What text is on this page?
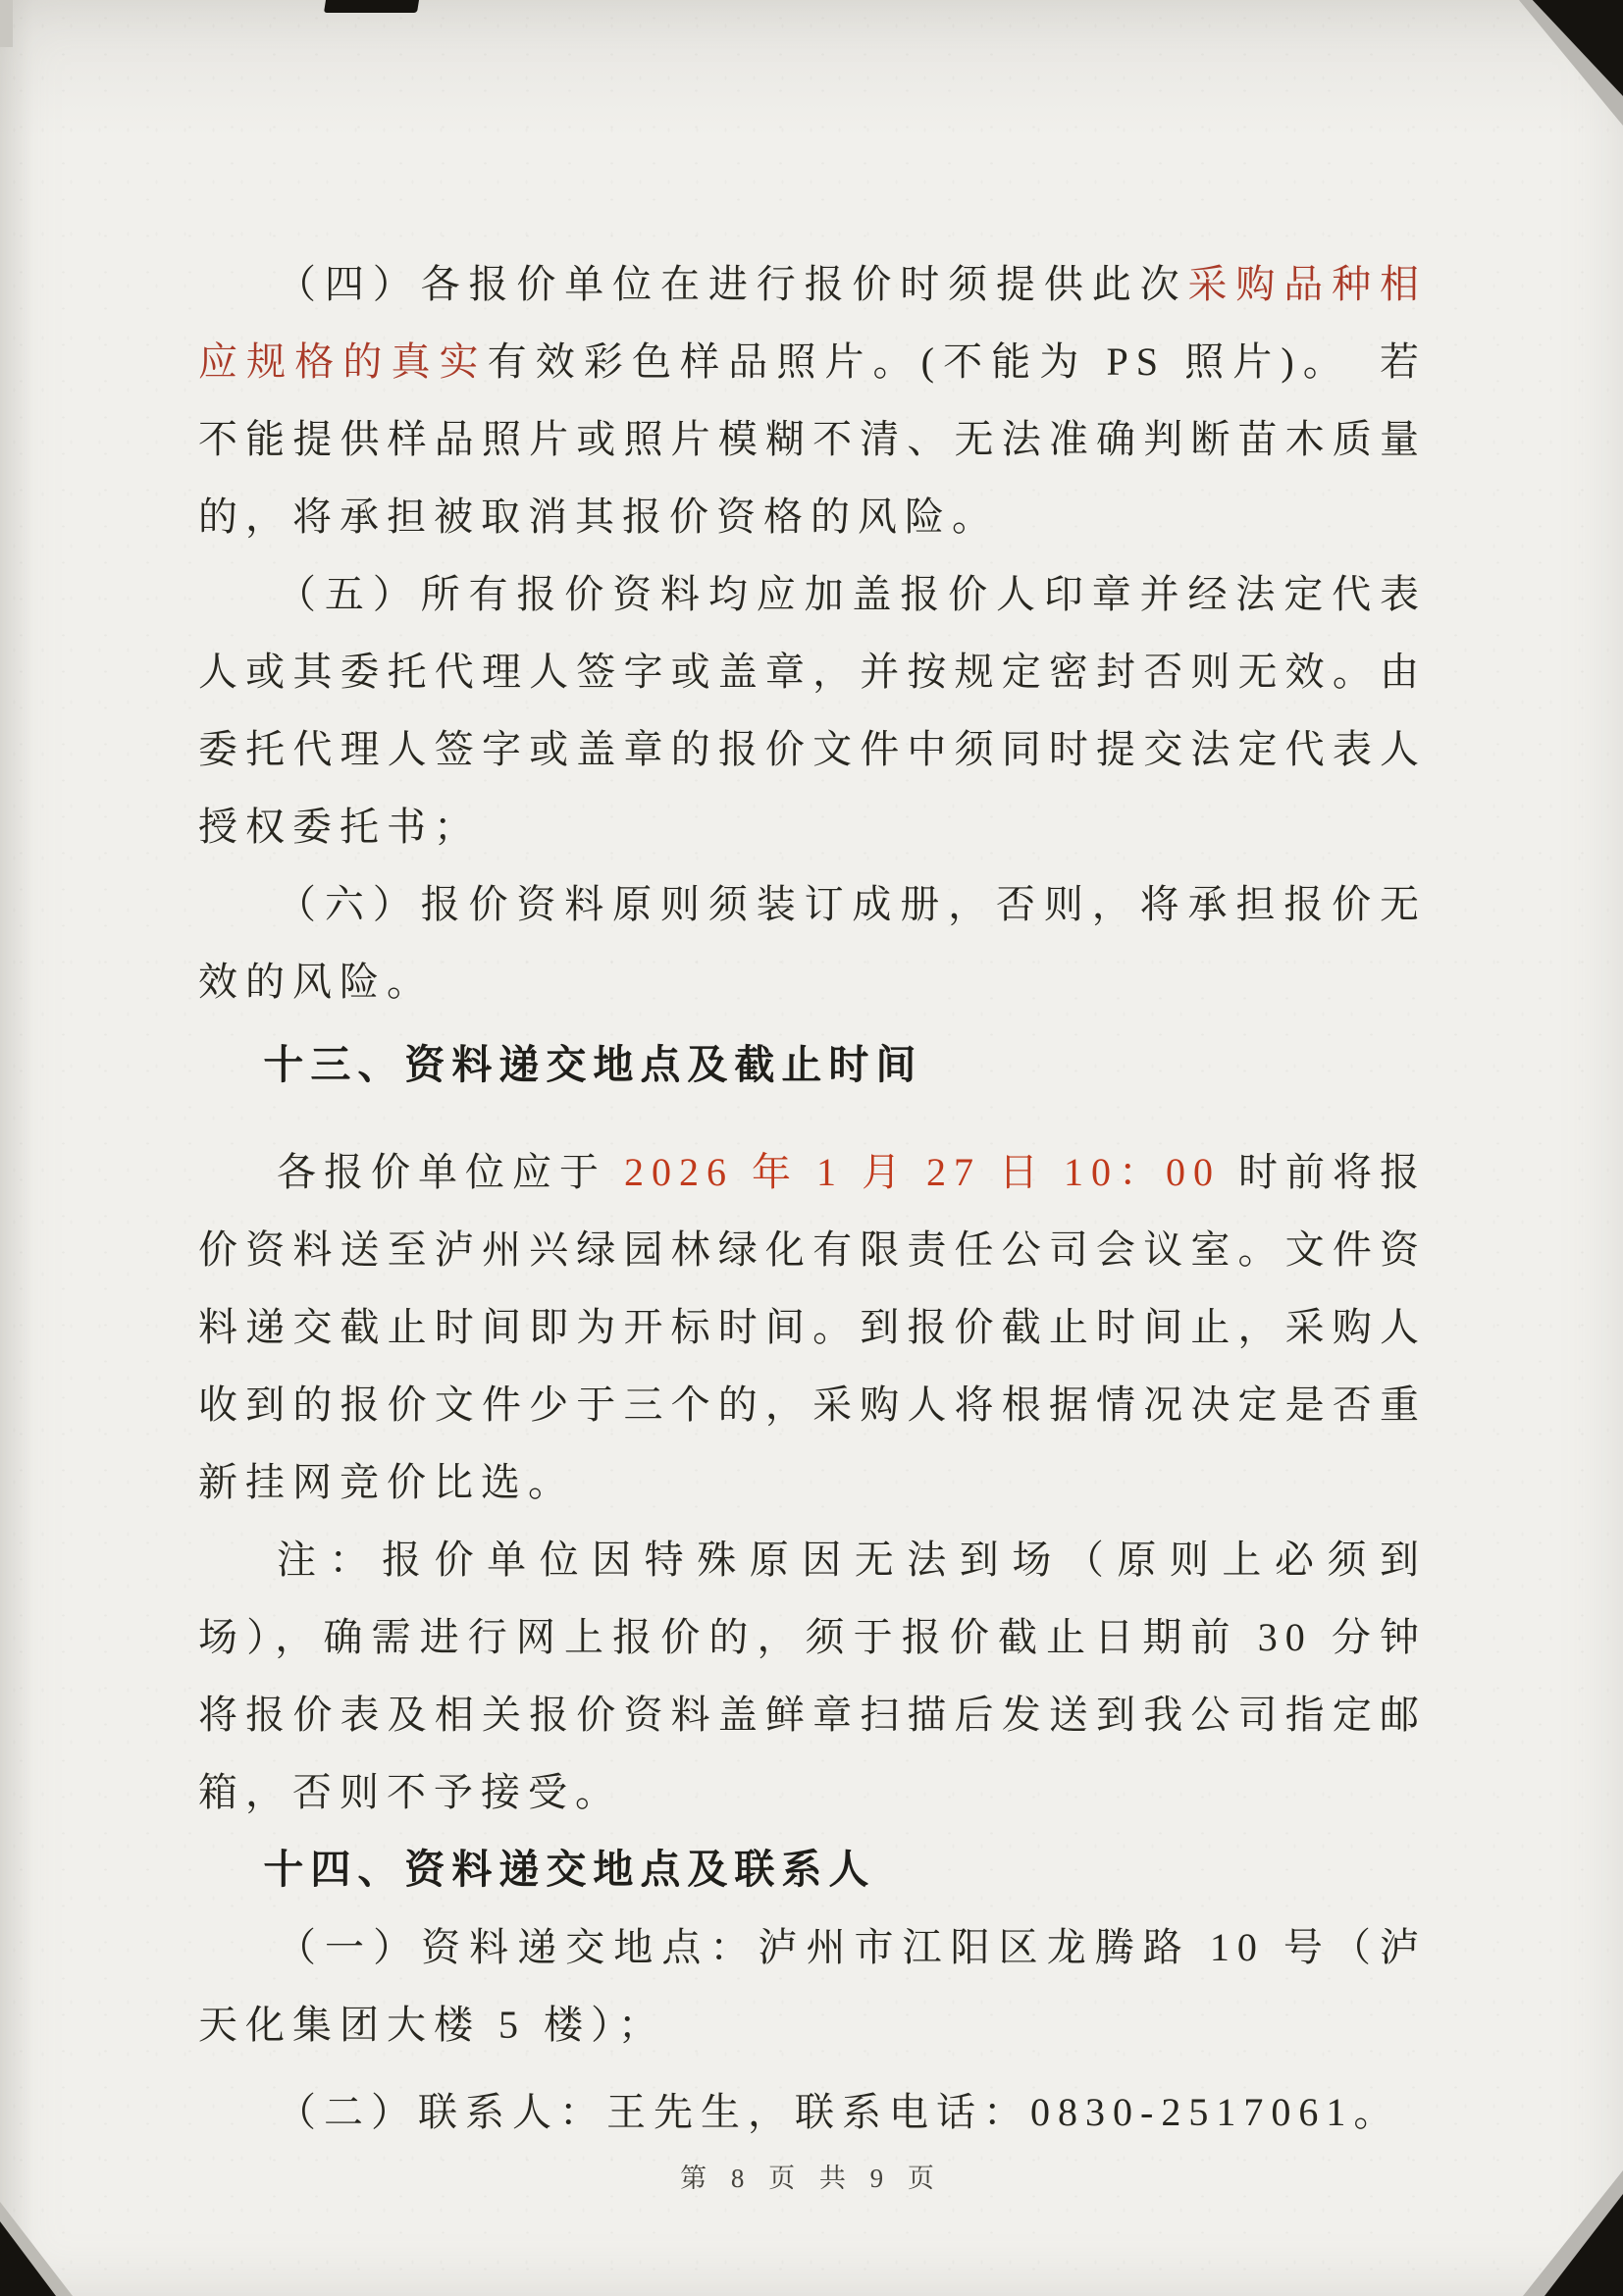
（四）各报价单位在进行报价时须提供此次采购品种相应规格的真实有效彩色样品照片。(不能为 PS 照片)。　若不能提供样品照片或照片模糊不清、无法准确判断苗木质量的，将承担被取消其报价资格的风险。

（五）所有报价资料均应加盖报价人印章并经法定代表人或其委托代理人签字或盖章，并按规定密封否则无效。由委托代理人签字或盖章的报价文件中须同时提交法定代表人授权委托书；

（六）报价资料原则须装订成册，否则，将承担报价无效的风险。

十三、资料递交地点及截止时间

各报价单位应于 2026 年 1 月 27 日 10：00 时前将报价资料送至泸州兴绿园林绿化有限责任公司会议室。文件资料递交截止时间即为开标时间。到报价截止时间止，采购人收到的报价文件少于三个的，采购人将根据情况决定是否重新挂网竞价比选。

注：报价单位因特殊原因无法到场（原则上必须到场），确需进行网上报价的，须于报价截止日期前 30 分钟将报价表及相关报价资料盖鲜章扫描后发送到我公司指定邮箱，否则不予接受。

十四、资料递交地点及联系人

（一）资料递交地点：泸州市江阳区龙腾路 10 号（泸天化集团大楼 5 楼）；

（二）联系人：王先生，联系电话：0830-2517061。

第 8 页 共 9 页
